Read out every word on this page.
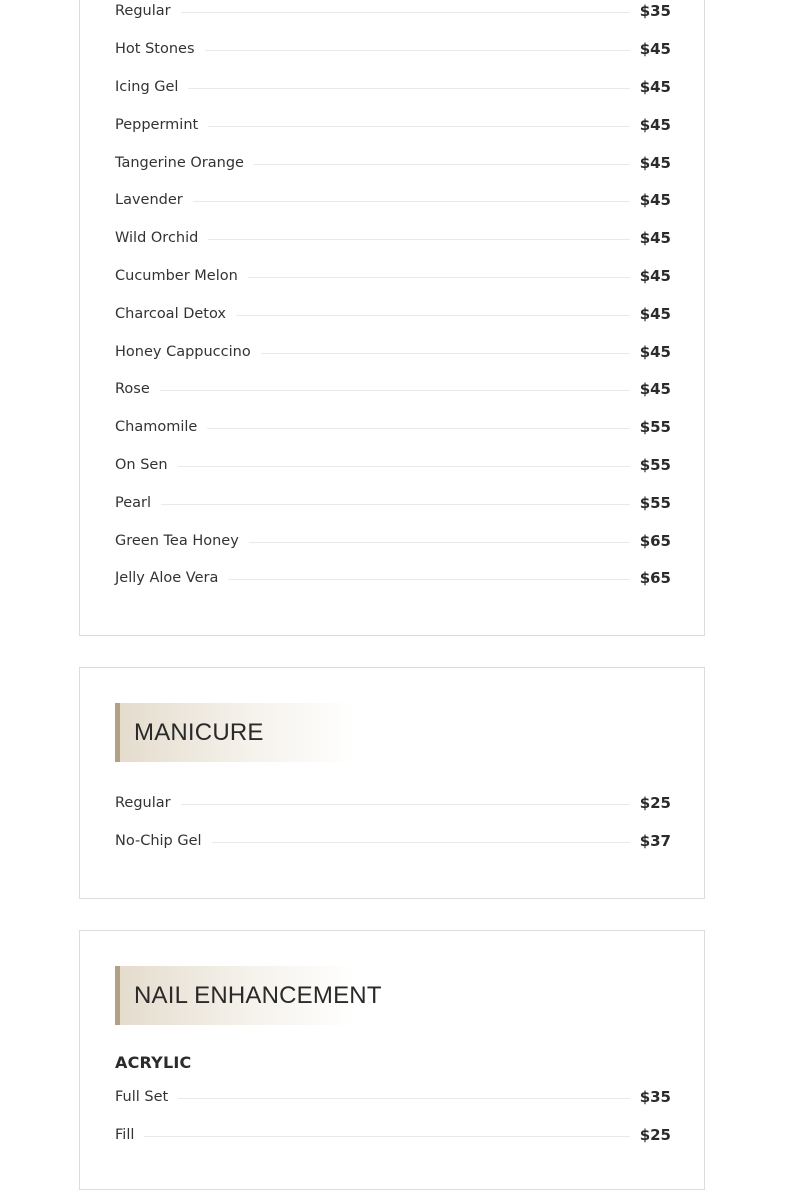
Regular	$35
Hot Stones	$45
Icing Gel	$45
Peppermint	$45
Tangerine Orange	$45
Lavender	$45
Wild Orchid	$45
Cucumber Melon	$45
Charcoal Detox	$45
Honey Cappuccino	$45
Rose	$45
Chamomile	$55
On Sen	$55
Pearl	$55
Green Tea Honey	$65
Jelly Aloe Vera	$65
MANICURE
Regular	$25
No-Chip Gel	$37
NAIL ENHANCEMENT
ACRYLIC
Full Set	$35
Fill	$25
